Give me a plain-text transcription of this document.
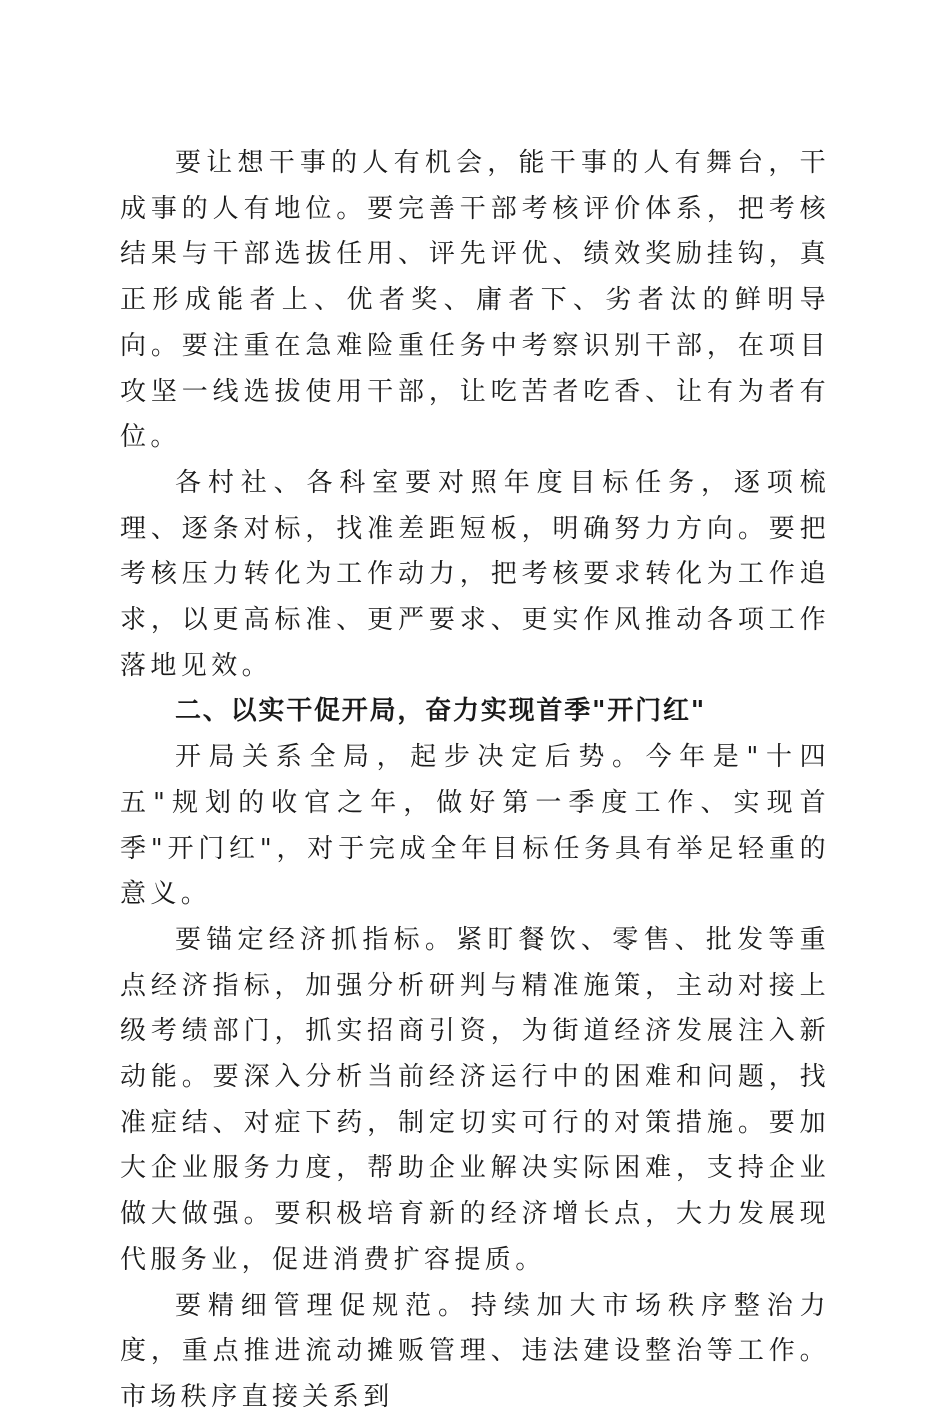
要让想干事的人有机会，能干事的人有舞台，干成事的人有地位。要完善干部考核评价体系，把考核结果与干部选拔任用、评先评优、绩效奖励挂钩，真正形成能者上、优者奖、庸者下、劣者汰的鲜明导向。要注重在急难险重任务中考察识别干部，在项目攻坚一线选拔使用干部，让吃苦者吃香、让有为者有位。

各村社、各科室要对照年度目标任务，逐项梳理、逐条对标，找准差距短板，明确努力方向。要把考核压力转化为工作动力，把考核要求转化为工作追求，以更高标准、更严要求、更实作风推动各项工作落地见效。

二、以实干促开局，奋力实现首季"开门红"

开局关系全局，起步决定后势。今年是"十四五"规划的收官之年，做好第一季度工作、实现首季"开门红"，对于完成全年目标任务具有举足轻重的意义。

要锚定经济抓指标。紧盯餐饮、零售、批发等重点经济指标，加强分析研判与精准施策，主动对接上级考绩部门，抓实招商引资，为街道经济发展注入新动能。要深入分析当前经济运行中的困难和问题，找准症结、对症下药，制定切实可行的对策措施。要加大企业服务力度，帮助企业解决实际困难，支持企业做大做强。要积极培育新的经济增长点，大力发展现代服务业，促进消费扩容提质。

要精细管理促规范。持续加大市场秩序整治力度，重点推进流动摊贩管理、违法建设整治等工作。市场秩序直接关系到
